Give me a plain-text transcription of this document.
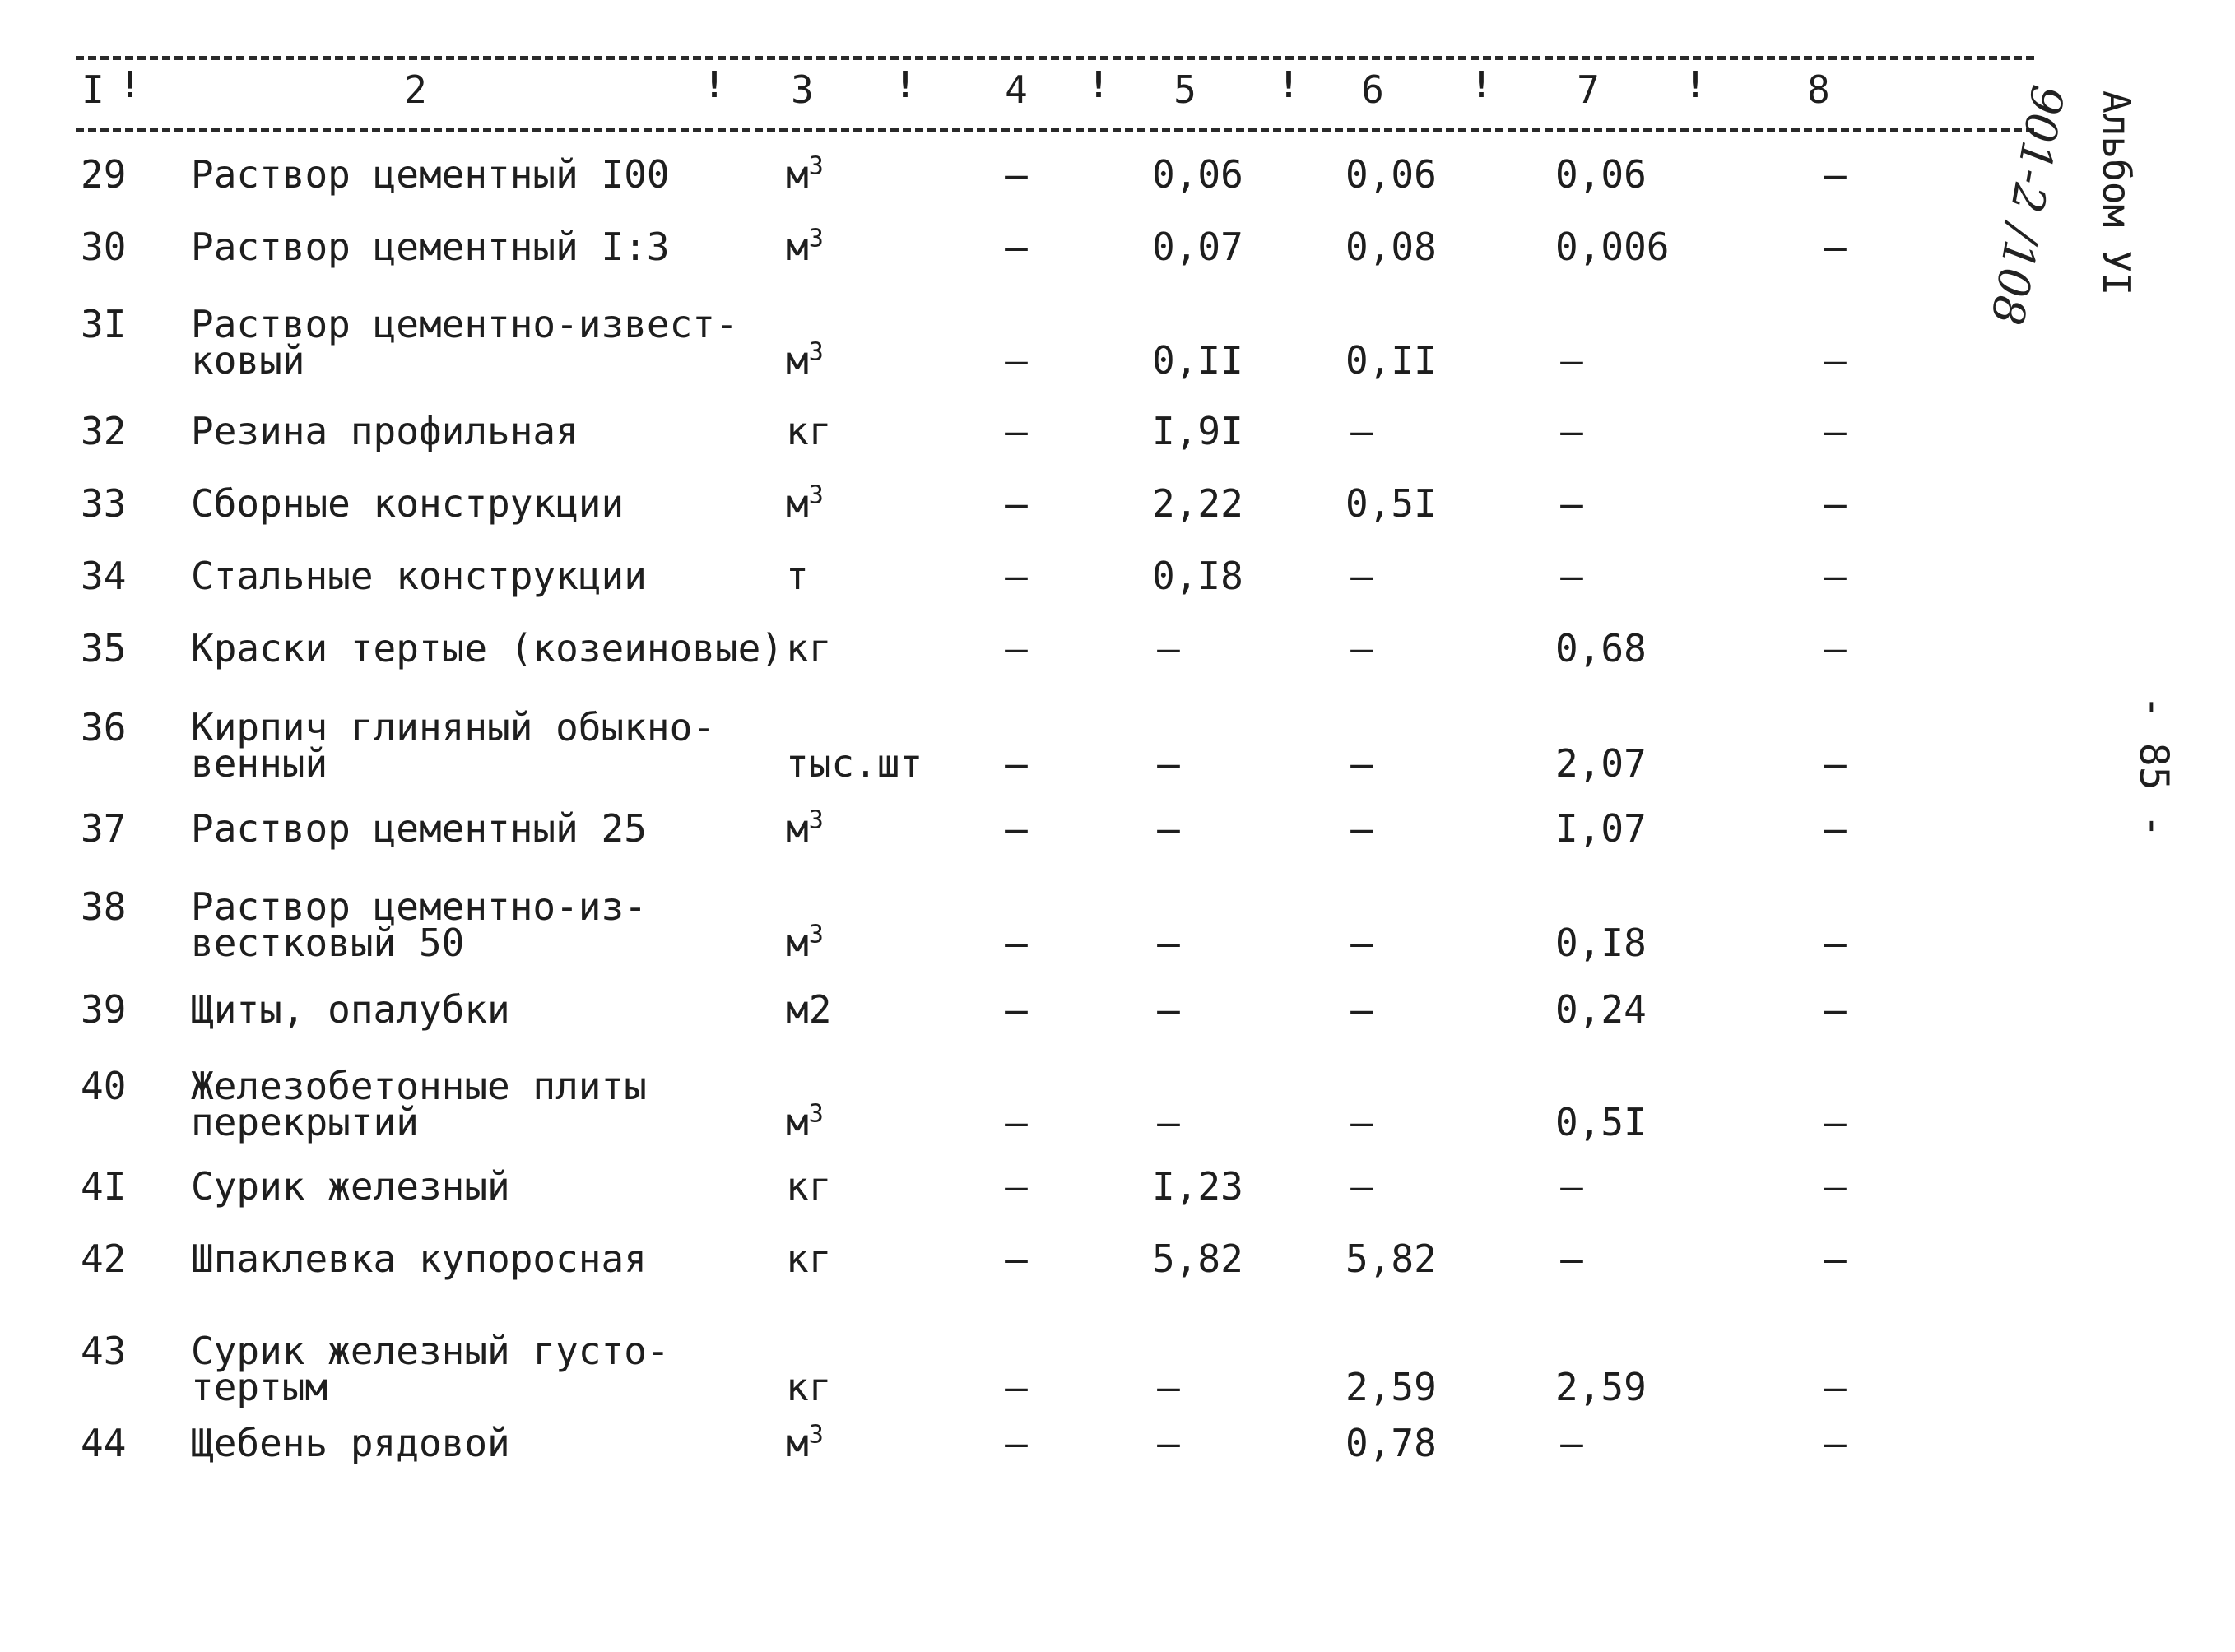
I	2	3	4	5	6	7	8
!	!	!	!	!	!	!
29 Раствор цементный I00	$м^3$	–	0,06	0,06	0,06	–
30 Раствор цементный I:3	$м^3$	–	0,07	0,08	0,006	–
3I Раствор цементно-извест-
ковый	$м^3$	–	0,II	0,II	–	–
32 Резина профильная	кг	–	I,9I	–	–	–
33 Сборные конструкции	$м^3$	–	2,22	0,5I	–	–
34 Стальные конструкции	т	–	0,I8	–	–	–
35 Краски тертые (козеиновые) кг	–	–	–	0,68	–
36 Кирпич глиняный обыкно-
венный	тыс.шт –	–	–	2,07	–
37 Раствор цементный 25	$м^3$	–	–	–	I,07	–
38 Раствор цементно-из-
вестковый 50	$м^3$	–	–	–	0,I8	–
39 Щиты, опалубки	м2	–	–	–	0,24	–
40 Железобетонные плиты
перекрытий	$м^3$	–	–	–	0,5I	–
4I Сурик железный	кг	–	I,23	–	–	–
42 Шпаклевка купоросная	кг	–	5,82	5,82	–	–
43 Сурик железный густо-
тертым	кг	–	–	2,59	2,59	–
44 Щебень рядовой	$м^3$	–	–	0,78	–	–
Альбом УI
901-2 /108
- 85 -
